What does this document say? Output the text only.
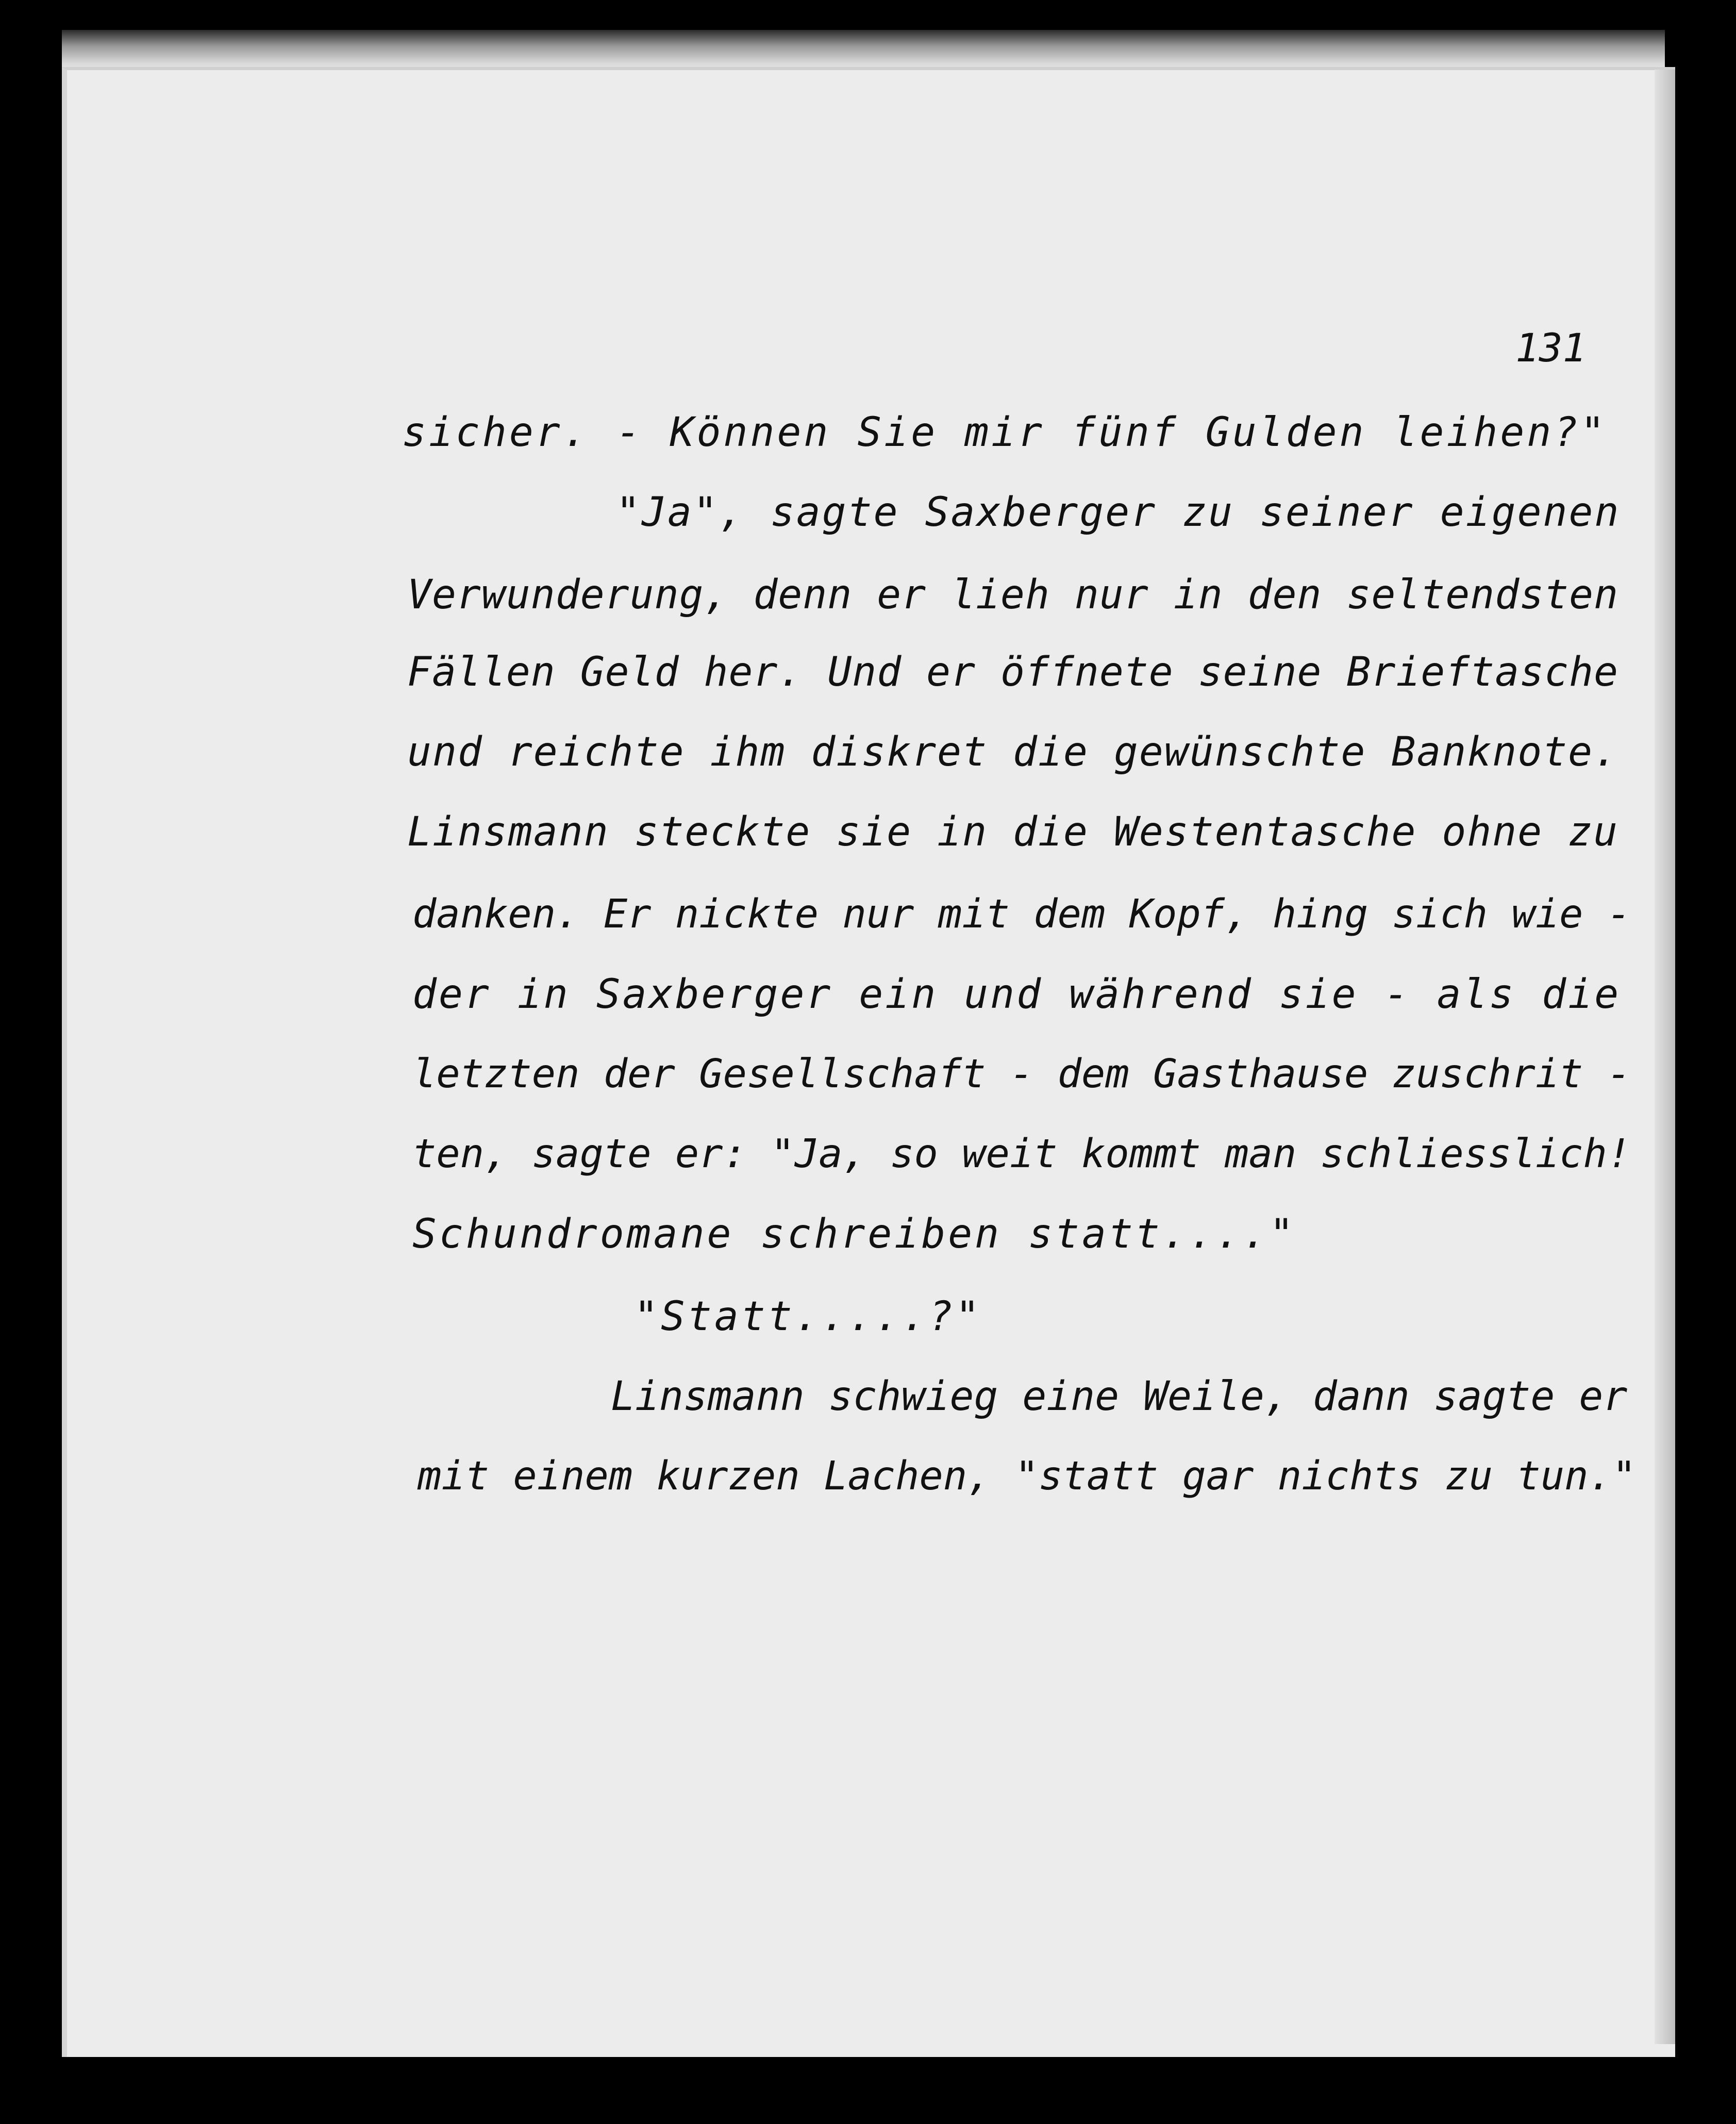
131
sicher. - Können Sie mir fünf Gulden leihen?"
"Ja", sagte Saxberger zu seiner eigenen
Verwunderung, denn er lieh nur in den seltendsten
Fällen Geld her. Und er öffnete seine Brieftasche
und reichte ihm diskret die gewünschte Banknote.
Linsmann steckte sie in die Westentasche ohne zu
danken. Er nickte nur mit dem Kopf, hing sich wie -
der in Saxberger ein und während sie - als die
letzten der Gesellschaft - dem Gasthause zuschrit -
ten, sagte er: "Ja, so weit kommt man schliesslich!
Schundromane schreiben statt...."
"Statt.....?"
Linsmann schwieg eine Weile, dann sagte er
mit einem kurzen Lachen, "statt gar nichts zu tun."
